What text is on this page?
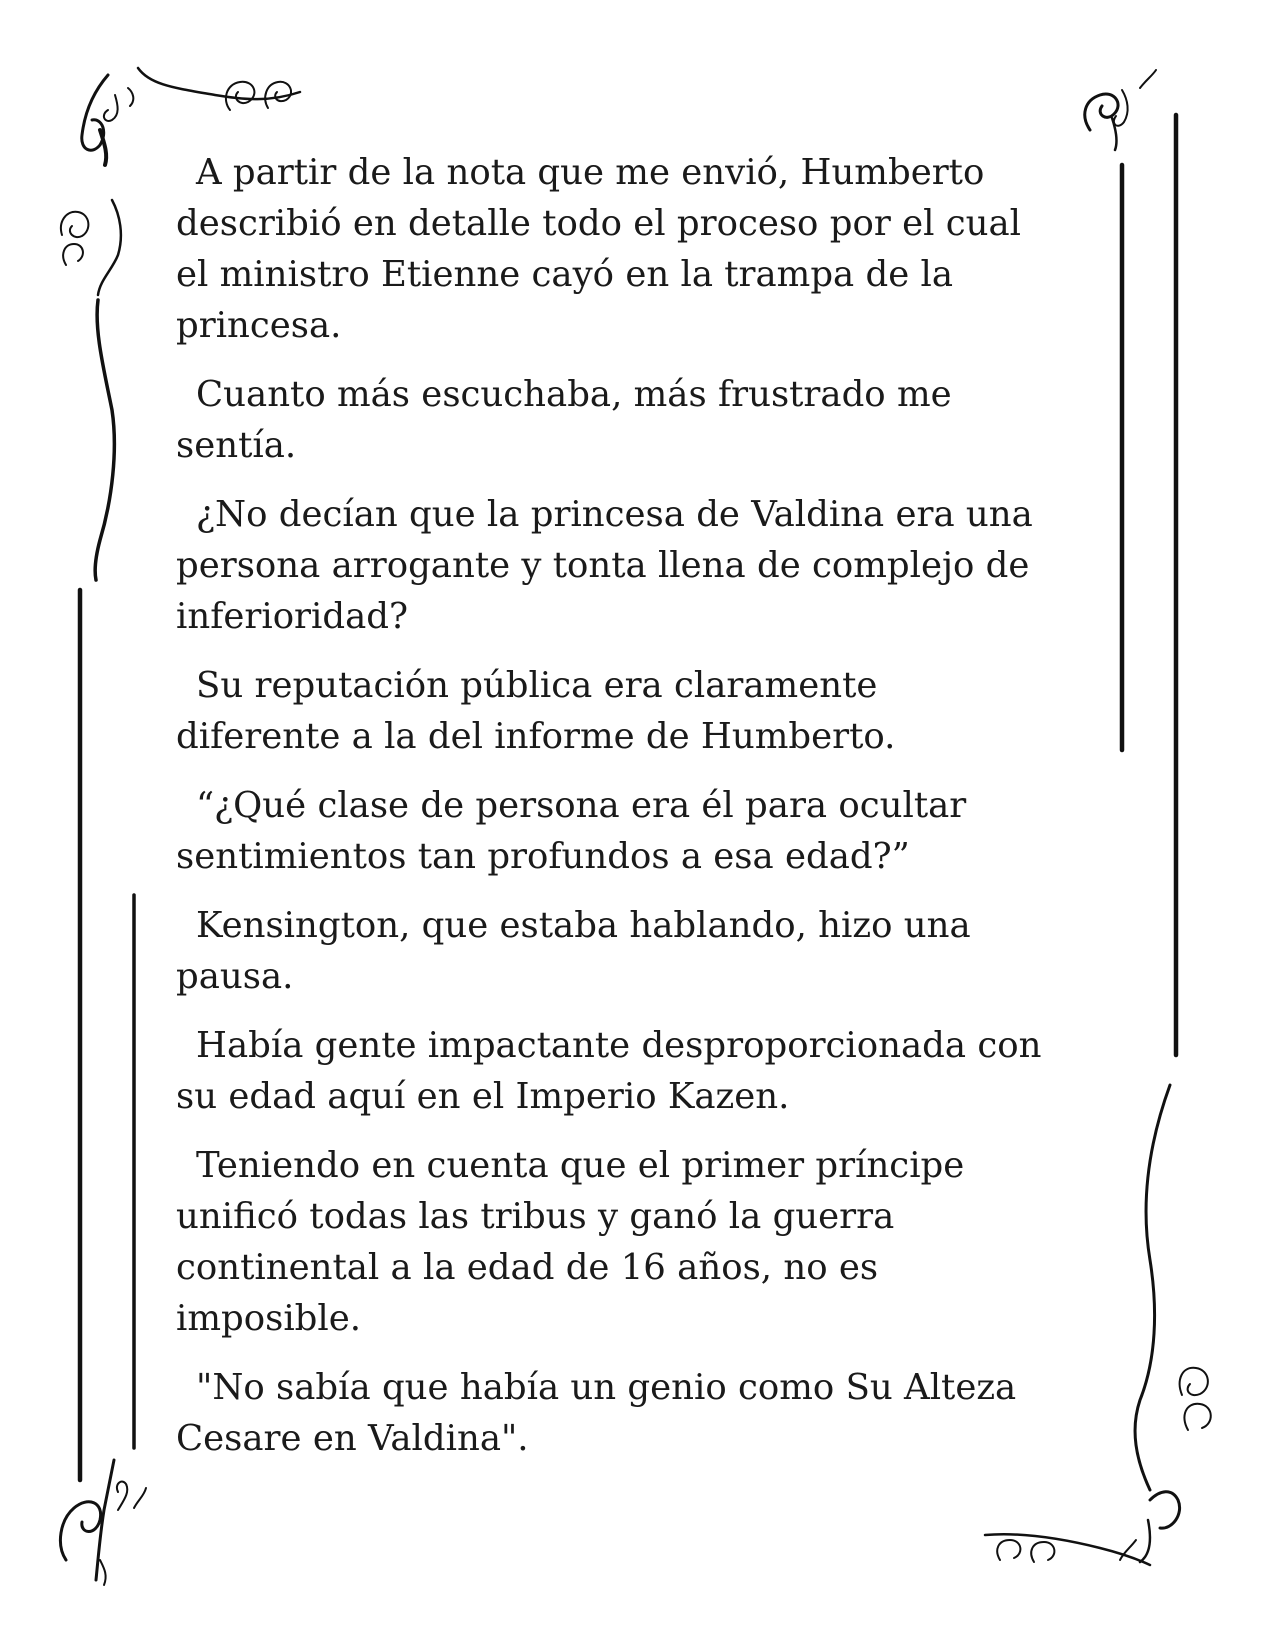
A partir de la nota que me envió, Humberto
describió en detalle todo el proceso por el cual
el ministro Etienne cayó en la trampa de la
princesa.

Cuanto más escuchaba, más frustrado me
sentía.

¿No decían que la princesa de Valdina era una
persona arrogante y tonta llena de complejo de
inferioridad?

Su reputación pública era claramente
diferente a la del informe de Humberto.

“¿Qué clase de persona era él para ocultar
sentimientos tan profundos a esa edad?”

Kensington, que estaba hablando, hizo una
pausa.

Había gente impactante desproporcionada con
su edad aquí en el Imperio Kazen.

Teniendo en cuenta que el primer príncipe
unificó todas las tribus y ganó la guerra
continental a la edad de 16 años, no es
imposible.

"No sabía que había un genio como Su Alteza
Cesare en Valdina".
